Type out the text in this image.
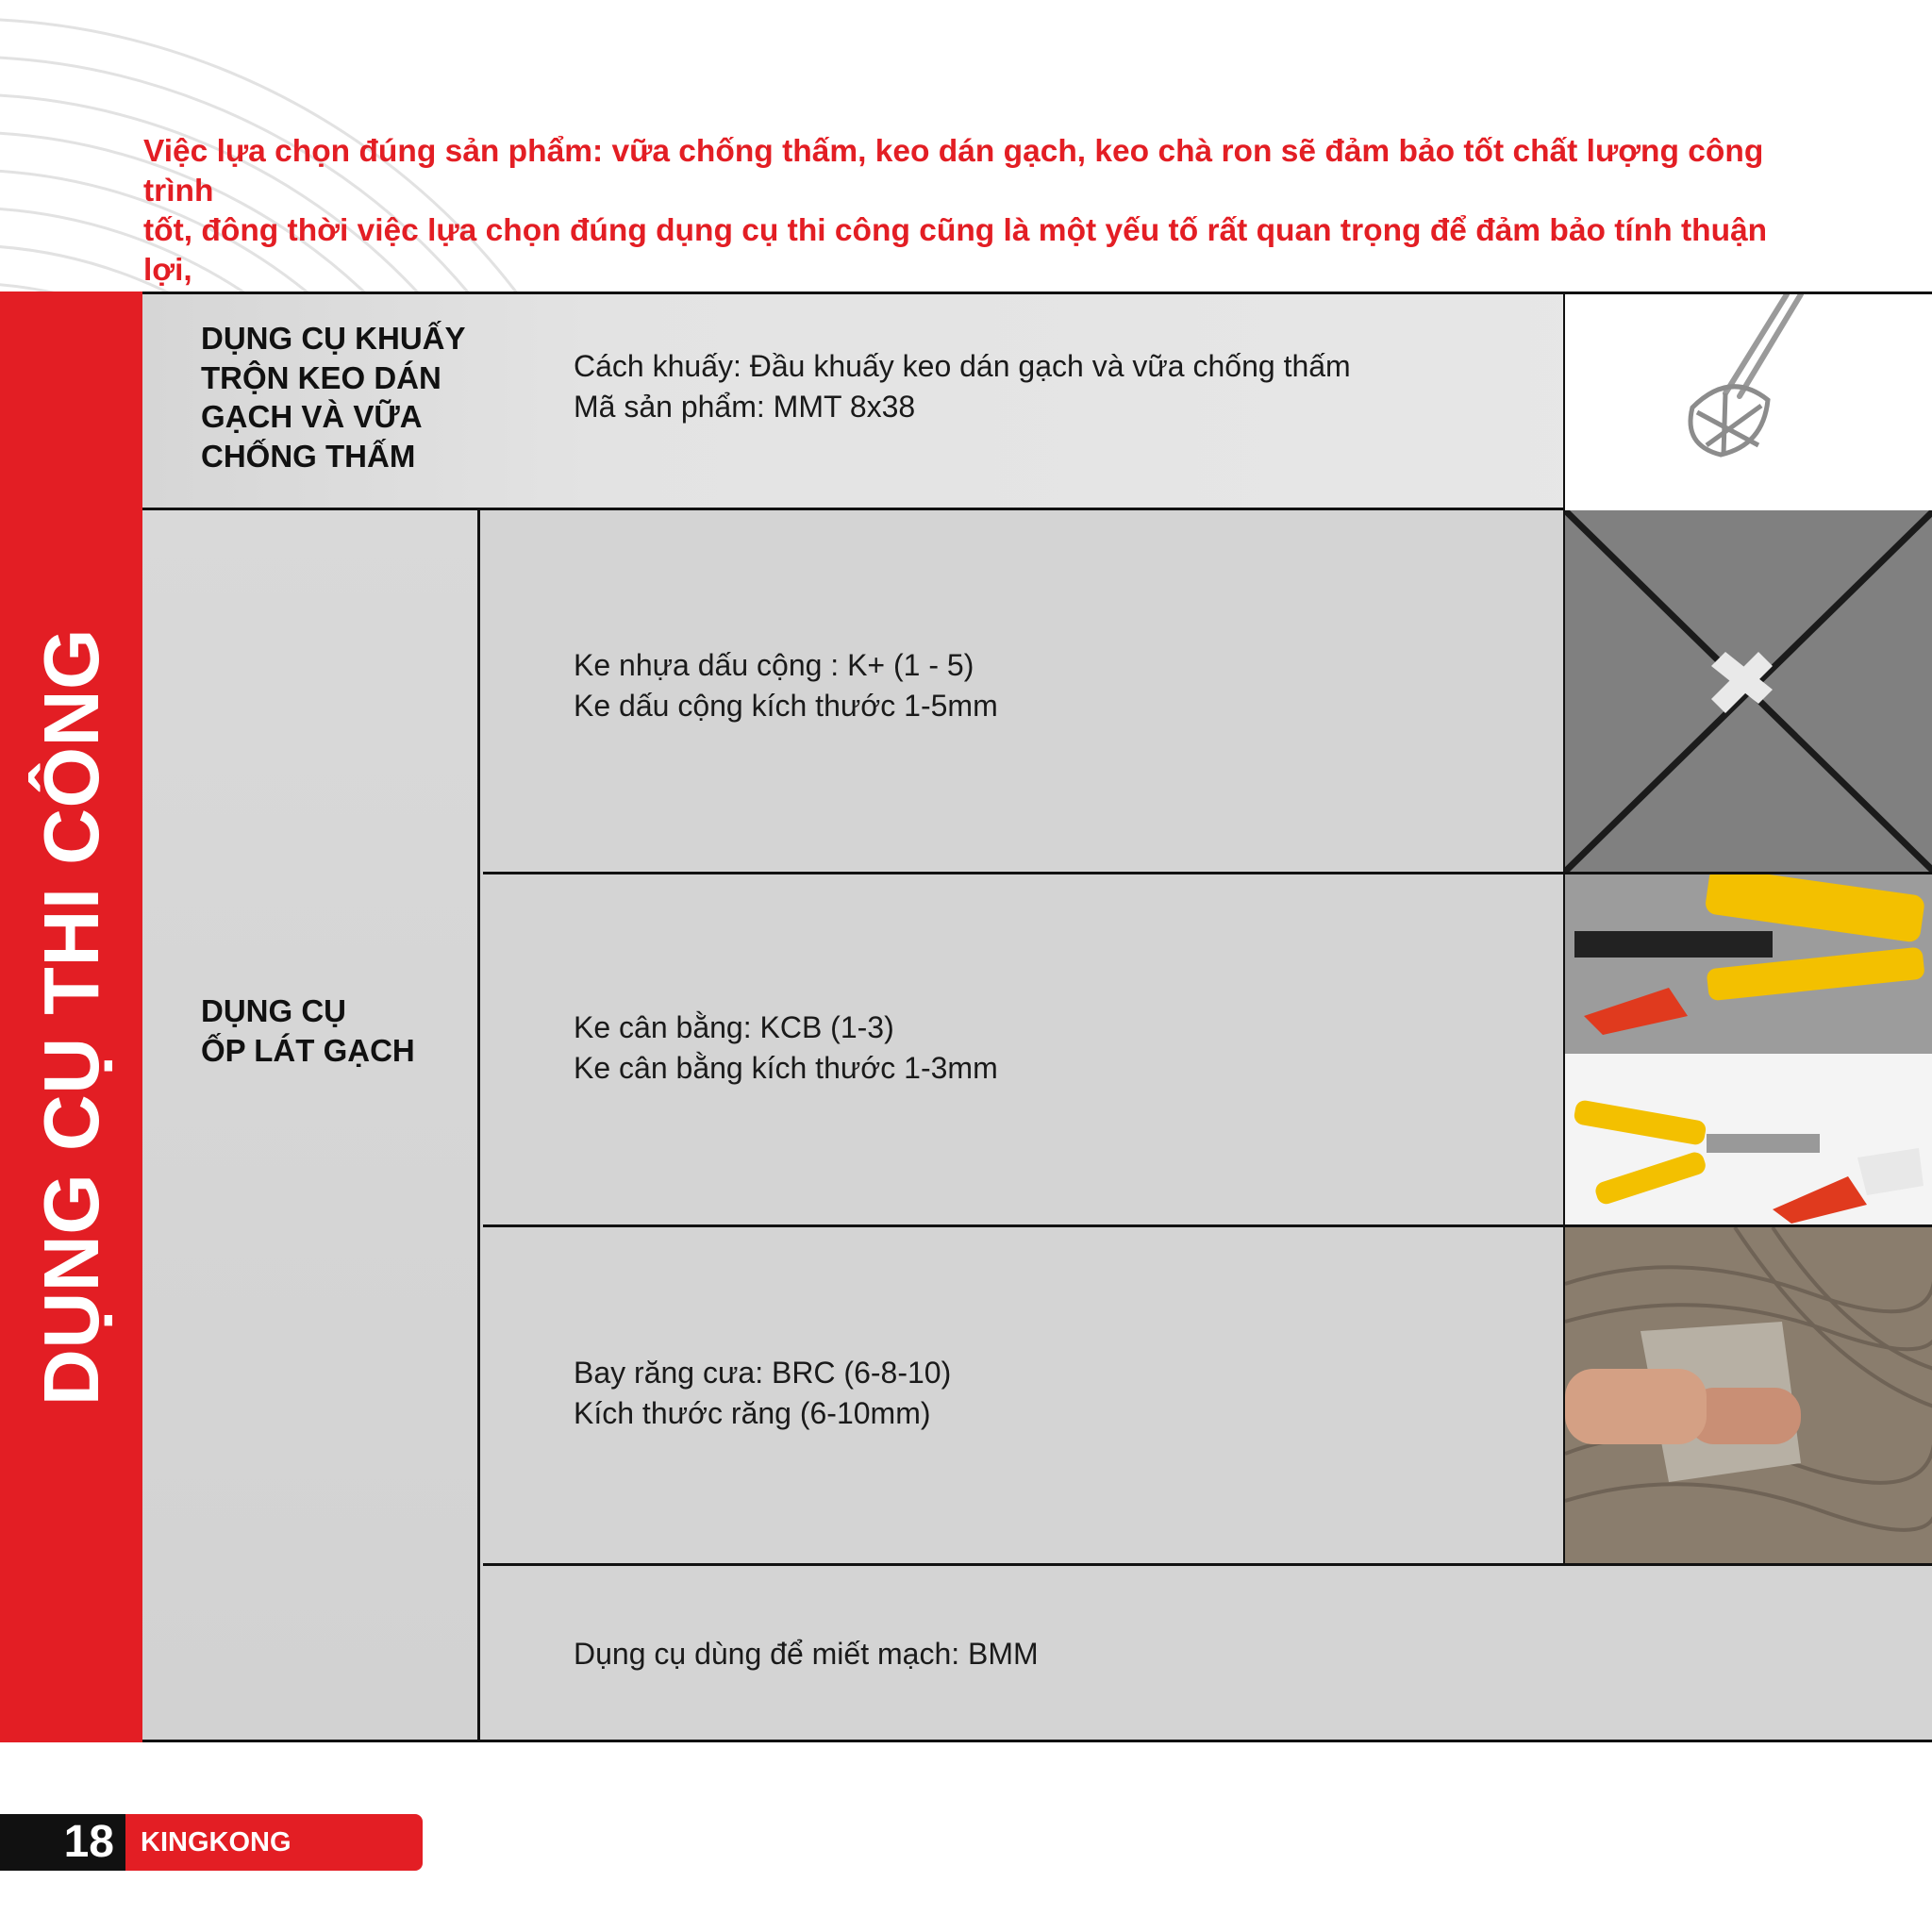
Việc lựa chọn đúng sản phẩm: vữa chống thấm, keo dán gạch, keo chà ron sẽ đảm bảo tốt chất lượng công trình

tốt, đông thời việc lựa chọn đúng dụng cụ thi công cũng là một yếu tố rất quan trọng để đảm bảo tính thuận lợi,

DỤNG CỤ THI CÔNG
DỤNG CỤ KHUẤY
TRỘN KEO DÁN
GẠCH VÀ VỮA
CHỐNG THẤM
Cách khuấy: Đầu khuấy keo dán gạch và vữa chống thấm
Mã sản phẩm: MMT 8x38
DỤNG CỤ
ỐP LÁT GẠCH
Ke nhựa dấu cộng : K+ (1 - 5)
Ke dấu cộng kích thước 1-5mm
Ke cân bằng: KCB (1-3)
Ke cân bằng kích thước 1-3mm
Bay răng cưa: BRC (6-8-10)
Kích thước răng (6-10mm)
Dụng cụ dùng để miết mạch: BMM
18 KINGKONG CATALOGUE
